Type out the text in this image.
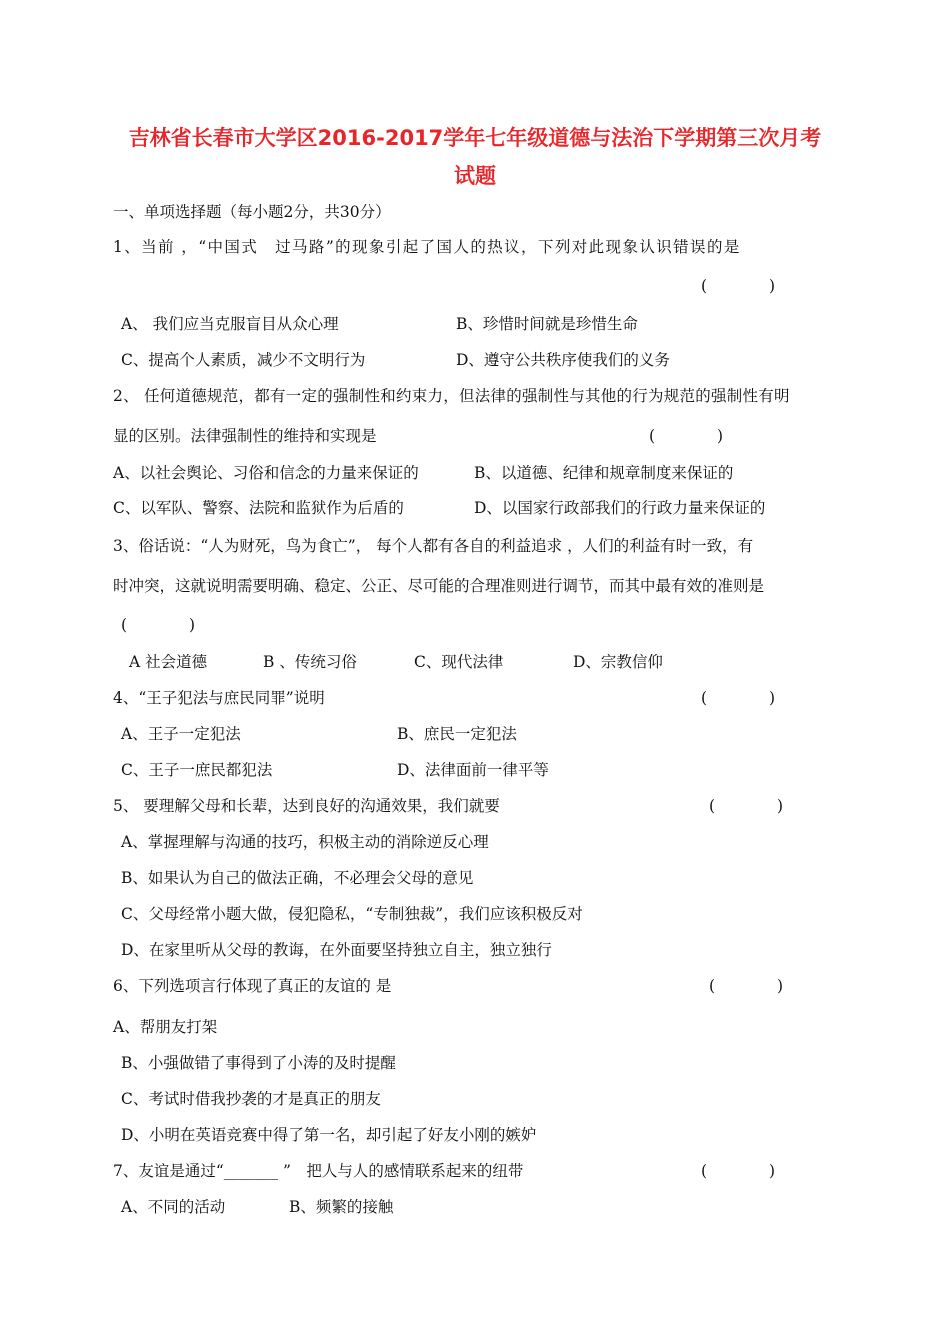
吉林省长春市大学区2016-2017学年七年级道德与法治下学期第三次月考
试题
一、单项选择题（每小题2分，共30分）
1、当前 ，“中国式　过马路”的现象引起了国人的热议，下列对此现象认识错误的是
(　　　　)
A、 我们应当克服盲目从众心理	B、珍惜时间就是珍惜生命
C、提高个人素质，减少不文明行为	D、遵守公共秩序使我们的义务
2、 任何道德规范，都有一定的强制性和约束力，但法律的强制性与其他的行为规范的强制性有明
显的区别。法律强制性的维持和实现是	(　　　　)
A、以社会舆论、习俗和信念的力量来保证的	B、以道德、纪律和规章制度来保证的
C、以军队、警察、法院和监狱作为后盾的	D、以国家行政部我们的行政力量来保证的
3、俗话说：“人为财死，鸟为食亡”， 每个人都有各自的利益追求 ，人们的利益有时一致，有
时冲突，这就说明需要明确、稳定、公正、尽可能的合理准则进行调节，而其中最有效的准则是
(　　　　)
A 社会道德	B 、传统习俗	C、现代法律	D、宗教信仰
4、“王子犯法与庶民同罪”说明	(　　　　)
A、王子一定犯法	B、庶民一定犯法
C、王子一庶民都犯法	D、法律面前一律平等
5、 要理解父母和长辈，达到良好的沟通效果，我们就要	(　　　　)
A、掌握理解与沟通的技巧，积极主动的消除逆反心理
B、如果认为自己的做法正确，不必理会父母的意见
C、父母经常小题大做，侵犯隐私，“专制独裁”，我们应该积极反对
D、在家里听从父母的教诲，在外面要坚持独立自主，独立独行
6、下列选项言行体现了真正的友谊的 是	(　　　　)
A、帮朋友打架
B、小强做错了事得到了小涛的及时提醒
C、考试时借我抄袭的才是真正的朋友
D、小明在英语竞赛中得了第一名，却引起了好友小刚的嫉妒
7、友谊是通过“_______ ”　把人与人的感情联系起来的纽带	(　　　　)
A、不同的活动	B、频繁的接触
